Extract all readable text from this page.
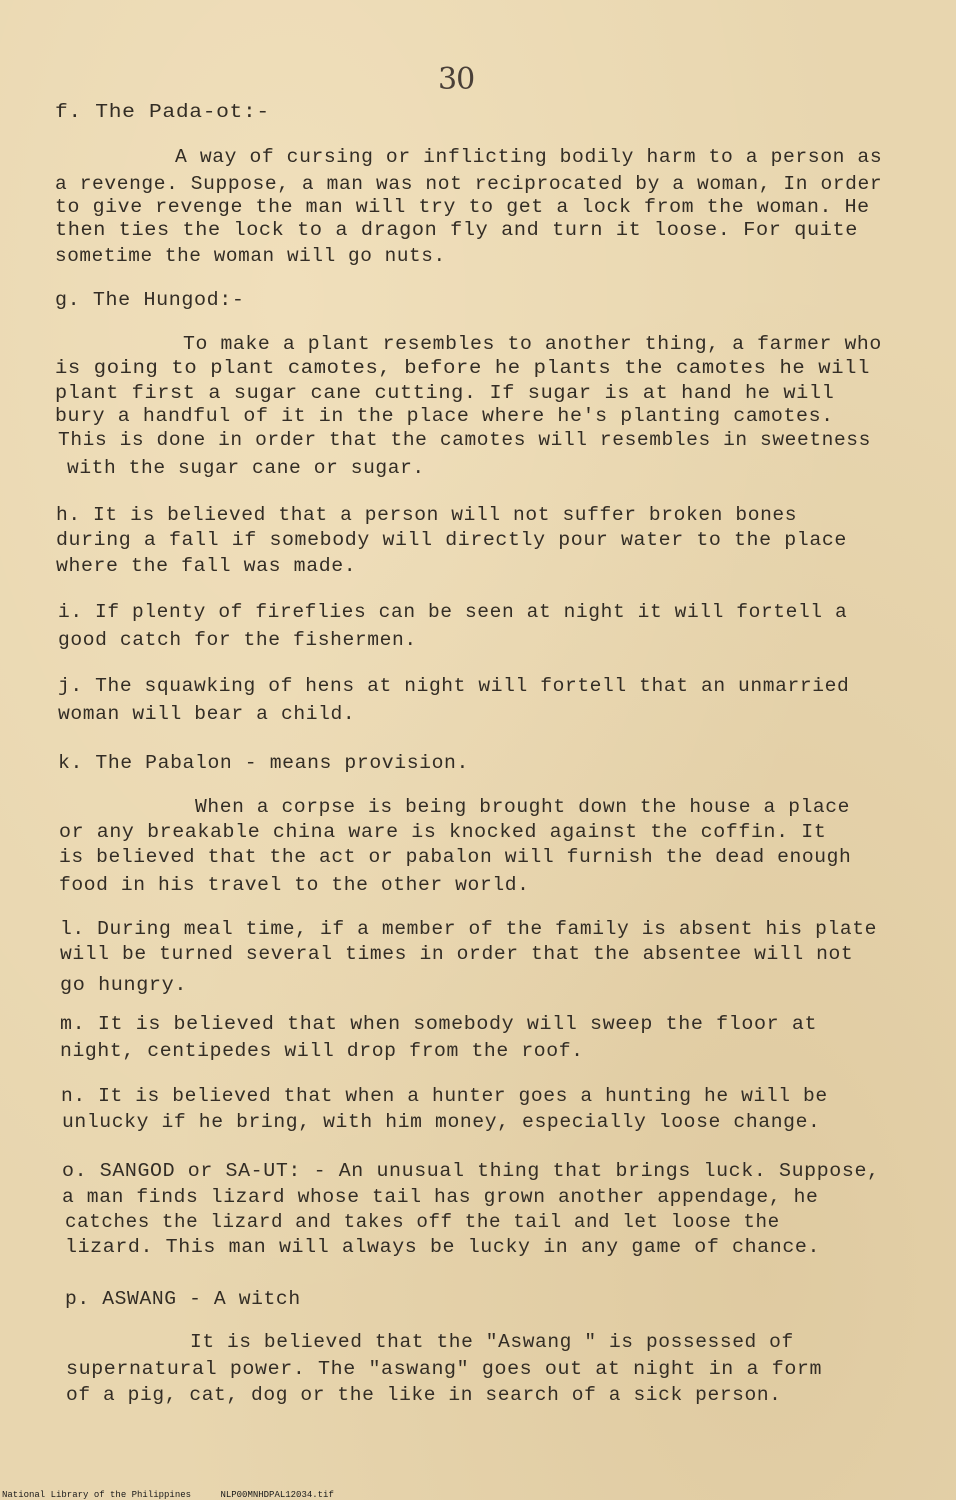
30
f. The Pada-ot:-
A way of cursing or inflicting bodily harm to a person as
a revenge. Suppose, a man was not reciprocated by a woman, In order
to give revenge the man will try to get a lock from the woman. He
then ties the lock to a dragon fly and turn it loose. For quite
sometime the woman will go nuts.
g. The Hungod:-
To make a plant resembles to another thing, a farmer who
is going to plant camotes, before he plants the camotes he will
plant first a sugar cane cutting. If sugar is at hand he will
bury a handful of it in the place where he's planting camotes.
This is done in order that the camotes will resembles in sweetness
with the sugar cane or sugar.
h. It is believed that a person will not suffer broken bones
during a fall if somebody will directly pour water to the place
where the fall was made.
i. If plenty of fireflies can be seen at night it will fortell a
good catch for the fishermen.
j. The squawking of hens at night will fortell that an unmarried
woman will bear a child.
k. The Pabalon - means provision.
When a corpse is being brought down the house a place
or any breakable china ware is knocked against the coffin. It
is believed that the act or pabalon will furnish the dead enough
food in his travel to the other world.
l. During meal time, if a member of the family is absent his plate
will be turned several times in order that the absentee will not
go hungry.
m. It is believed that when somebody will sweep the floor at
night, centipedes will drop from the roof.
n. It is believed that when a hunter goes a hunting he will be
unlucky if he bring, with him money, especially loose change.
o. SANGOD or SA-UT: - An unusual thing that brings luck. Suppose,
a man finds lizard whose tail has grown another appendage, he
catches the lizard and takes off the tail and let loose the
lizard. This man will always be lucky in any game of chance.
p. ASWANG - A witch
It is believed that the "Aswang " is possessed of
supernatural power. The "aswang" goes out at night in a form
of a pig, cat, dog or the like in search of a sick person.
National Library of the Philippines	NLP00MNHDPAL12034.tif
